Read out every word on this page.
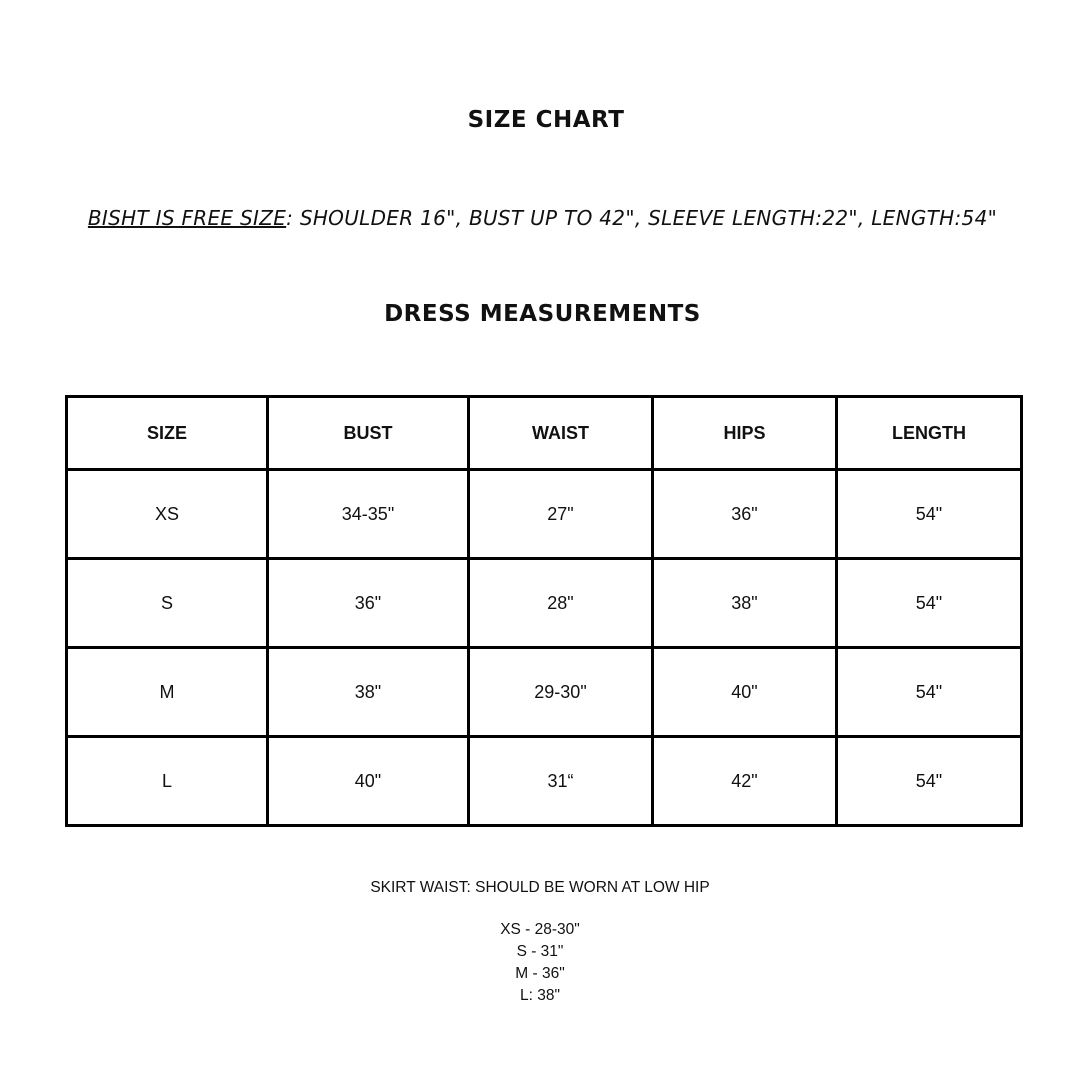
SIZE CHART
BISHT IS FREE SIZE: SHOULDER 16", BUST UP TO 42", SLEEVE LENGTH:22", LENGTH:54"
DRESS MEASUREMENTS
SIZE	BUST	WAIST	HIPS	LENGTH
XS	34-35"	27"	36"	54"
S	36"	28"	38"	54"
M	38"	29-30"	40"	54"
L	40"	31“	42"	54"
SKIRT WAIST: SHOULD BE WORN AT LOW HIP
XS - 28-30"
S - 31"
M - 36"
L: 38"
